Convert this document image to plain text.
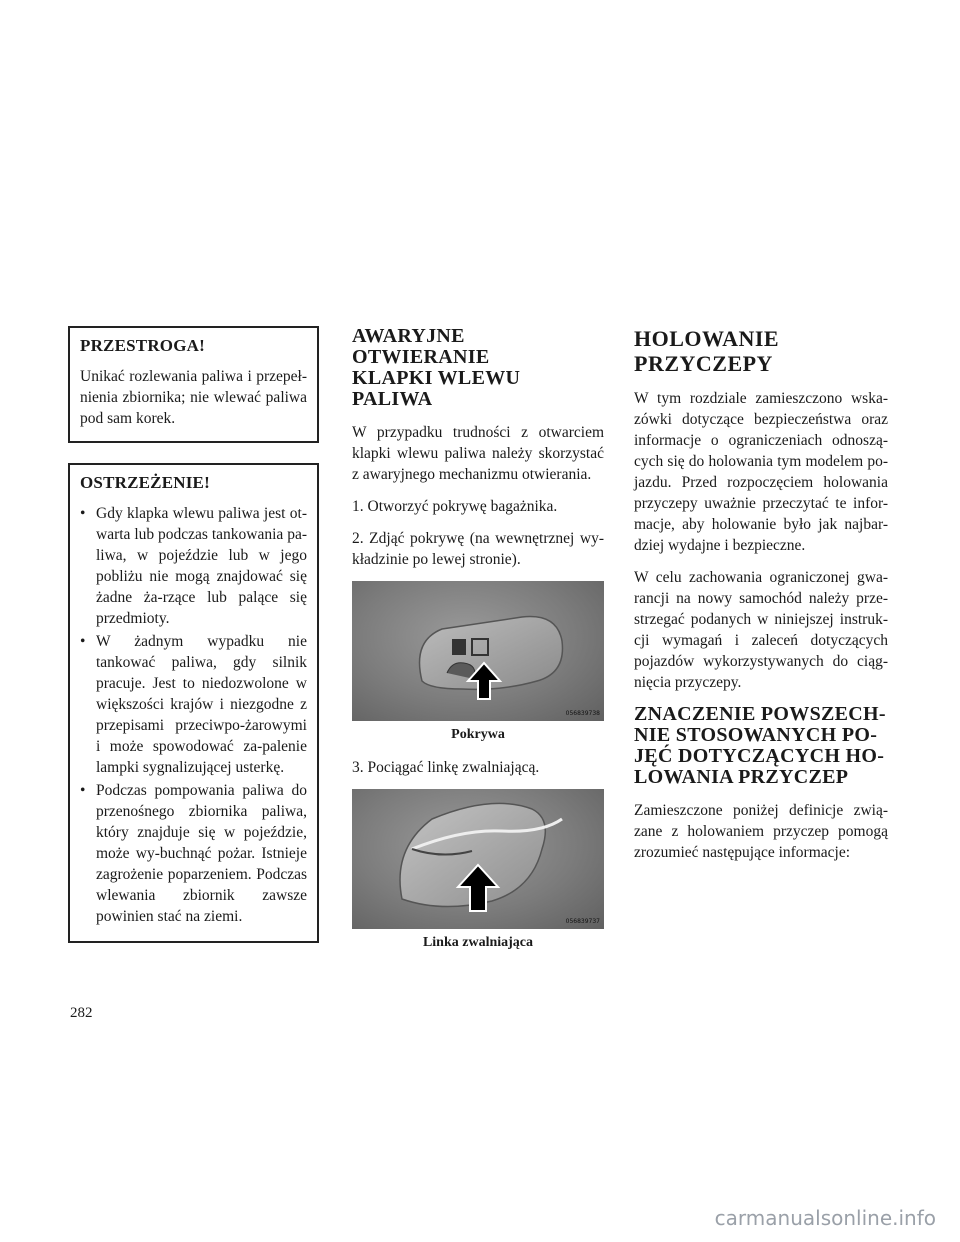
PRZESTROGA!

Unikać rozlewania paliwa i przepeł-nienia zbiornika; nie wlewać paliwa pod sam korek.

OSTRZEŻENIE!
• Gdy klapka wlewu paliwa jest ot-warta lub podczas tankowania pa-liwa, w pojeździe lub w jego pobliżu nie mogą znajdować się żadne ża-rzące lub palące się przedmioty.
• W żadnym wypadku nie tankować paliwa, gdy silnik pracuje. Jest to niedozwolone w większości krajów i niezgodne z przepisami przeciwpo-żarowymi i może spowodować za-palenie lampki sygnalizującej usterkę.
• Podczas pompowania paliwa do przenośnego zbiornika paliwa, który znajduje się w pojeździe, może wy-buchnąć pożar. Istnieje zagrożenie poparzeniem. Podczas wlewania zbiornik zawsze powinien stać na ziemi.
AWARYJNE OTWIERANIE
KLAPKI WLEWU PALIWA

W przypadku trudności z otwarciem klapki wlewu paliwa należy skorzystać z awaryjnego mechanizmu otwierania.

1. Otworzyć pokrywę bagażnika.

2. Zdjąć pokrywę (na wewnętrznej wy-kładzinie po lewej stronie).

056839738
Pokrywa

3. Pociągać linkę zwalniającą.

056839737
Linka zwalniająca
HOLOWANIE
PRZYCZEPY

W tym rozdziale zamieszczono wska-zówki dotyczące bezpieczeństwa oraz informacje o ograniczeniach odnoszą-cych się do holowania tym modelem po-jazdu. Przed rozpoczęciem holowania przyczepy uważnie przeczytać te infor-macje, aby holowanie było jak najbar-dziej wydajne i bezpieczne.

W celu zachowania ograniczonej gwa-rancji na nowy samochód należy prze-strzegać podanych w niniejszej instruk-cji wymagań i zaleceń dotyczących pojazdów wykorzystywanych do ciąg-nięcia przyczepy.

ZNACZENIE POWSZECH-
NIE STOSOWANYCH PO-
JĘĆ DOTYCZĄCYCH HO-
LOWANIA PRZYCZEP

Zamieszczone poniżej definicje zwią-zane z holowaniem przyczep pomogą zrozumieć następujące informacje:

282
carmanualsonline.info
